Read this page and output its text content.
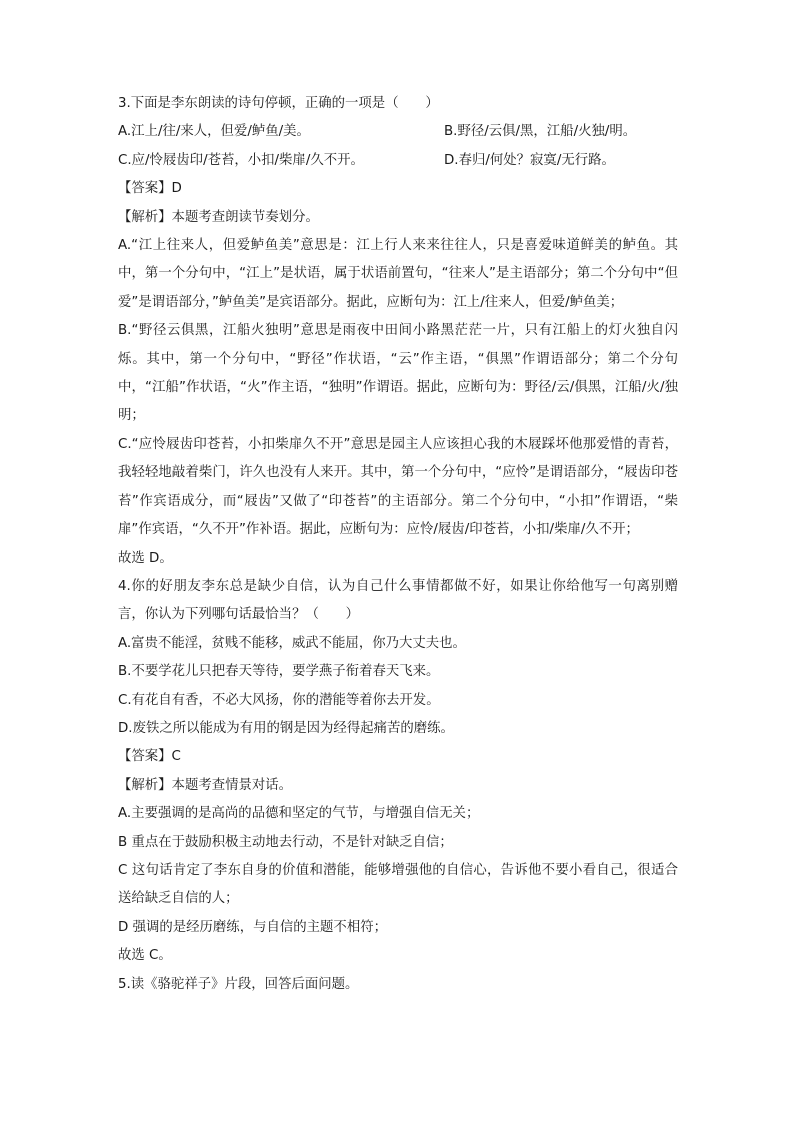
3.下面是李东朗读的诗句停顿，正确的一项是（　　）

A.江上/往/来人，但爱/鲈鱼/美。	B.野径/云俱/黑，江船/火独/明。
C.应/怜屐齿印/苍苔，小扣/柴扉/久不开。	D.春归/何处？寂寞/无行路。

【答案】D

【解析】本题考查朗读节奏划分。

A.“江上往来人，但爱鲈鱼美”意思是：江上行人来来往往人，只是喜爱味道鲜美的鲈鱼。其中，第一个分句中，“江上”是状语，属于状语前置句，“往来人”是主语部分；第二个分句中“但爱”是谓语部分，”鲈鱼美”是宾语部分。据此，应断句为：江上/往来人，但爱/鲈鱼美；

B.“野径云俱黑，江船火独明”意思是雨夜中田间小路黑茫茫一片，只有江船上的灯火独自闪烁。其中，第一个分句中，“野径”作状语，“云”作主语，“俱黑”作谓语部分；第二个分句中，“江船”作状语，“火”作主语，“独明”作谓语。据此，应断句为：野径/云/俱黑，江船/火/独明；

C.“应怜屐齿印苍苔，小扣柴扉久不开”意思是园主人应该担心我的木屐踩坏他那爱惜的青苔，我轻轻地敲着柴门，许久也没有人来开。其中，第一个分句中，“应怜”是谓语部分，“屐齿印苍苔”作宾语成分，而“屐齿”又做了“印苍苔”的主语部分。第二个分句中，“小扣”作谓语，“柴扉”作宾语，“久不开”作补语。据此，应断句为：应怜/屐齿/印苍苔，小扣/柴扉/久不开；

故选 D。

4.你的好朋友李东总是缺少自信，认为自己什么事情都做不好，如果让你给他写一句离别赠言，你认为下列哪句话最恰当？（　　）

A.富贵不能淫，贫贱不能移，威武不能屈，你乃大丈夫也。

B.不要学花儿只把春天等待，要学燕子衔着春天飞来。

C.有花自有香，不必大风扬，你的潜能等着你去开发。

D.废铁之所以能成为有用的钢是因为经得起痛苦的磨练。

【答案】C

【解析】本题考查情景对话。

A.主要强调的是高尚的品德和坚定的气节，与增强自信无关；

B 重点在于鼓励积极主动地去行动，不是针对缺乏自信；

C 这句话肯定了李东自身的价值和潜能，能够增强他的自信心，告诉他不要小看自己，很适合送给缺乏自信的人；

D 强调的是经历磨练，与自信的主题不相符；

故选 C。

5.读《骆驼祥子》片段，回答后面问题。
